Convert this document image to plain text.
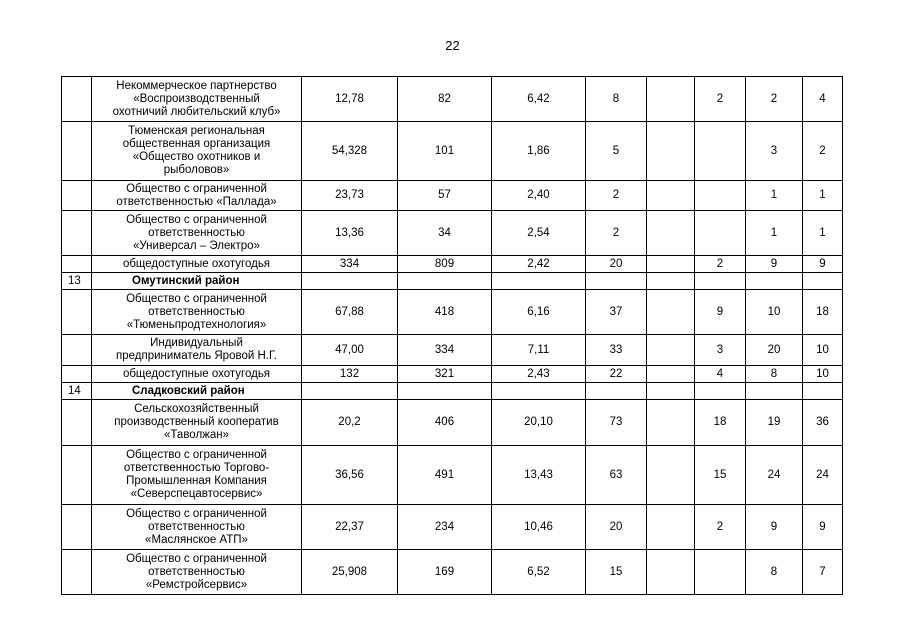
22
	Некоммерческое партнерство
«Воспроизводственный
охотничий любительский клуб»	12,78	82	6,42	8		2	2	4
	Тюменская региональная
общественная организация
«Общество охотников и
рыболовов»	54,328	101	1,86	5			3	2
	Общество с ограниченной
ответственностью «Паллада»	23,73	57	2,40	2			1	1
	Общество с ограниченной
ответственностью
«Универсал – Электро»	13,36	34	2,54	2			1	1
	общедоступные охотугодья	334	809	2,42	20		2	9	9
13	Омутинский район								
	Общество с ограниченной
ответственностью
«Тюменьпродтехнология»	67,88	418	6,16	37		9	10	18
	Индивидуальный
предприниматель Яровой Н.Г.	47,00	334	7,11	33		3	20	10
	общедоступные охотугодья	132	321	2,43	22		4	8	10
14	Сладковский район								
	Сельскохозяйственный
производственный кооператив
«Таволжан»	20,2	406	20,10	73		18	19	36
	Общество с ограниченной
ответственностью Торгово-
Промышленная Компания
«Северспецавтосервис»	36,56	491	13,43	63		15	24	24
	Общество с ограниченной
ответственностью
«Маслянское АТП»	22,37	234	10,46	20		2	9	9
	Общество с ограниченной
ответственностью
«Ремстройсервис»	25,908	169	6,52	15			8	7
